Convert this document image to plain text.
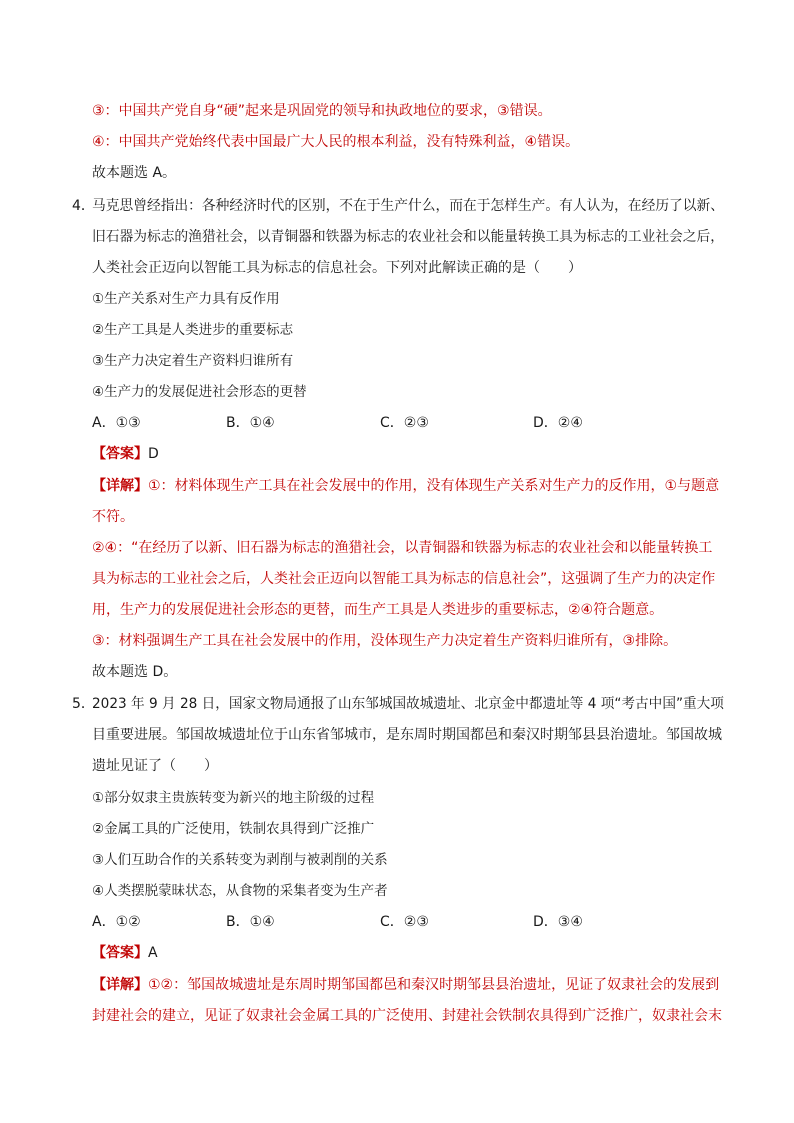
③：中国共产党自身“硬”起来是巩固党的领导和执政地位的要求，③错误。
④：中国共产党始终代表中国最广大人民的根本利益，没有特殊利益，④错误。
故本题选 A。
4．
马克思曾经指出：各种经济时代的区别，不在于生产什么，而在于怎样生产。有人认为，在经历了以新、
旧石器为标志的渔猎社会，以青铜器和铁器为标志的农业社会和以能量转换工具为标志的工业社会之后，
人类社会正迈向以智能工具为标志的信息社会。下列对此解读正确的是（　　）
①生产关系对生产力具有反作用
②生产工具是人类进步的重要标志
③生产力决定着生产资料归谁所有
④生产力的发展促进社会形态的更替
A．①③	B．①④	C．②③	D．②④
【答案】D
【详解】①：材料体现生产工具在社会发展中的作用，没有体现生产关系对生产力的反作用，①与题意
不符。
②④：“在经历了以新、旧石器为标志的渔猎社会，以青铜器和铁器为标志的农业社会和以能量转换工
具为标志的工业社会之后，人类社会正迈向以智能工具为标志的信息社会”，这强调了生产力的决定作
用，生产力的发展促进社会形态的更替，而生产工具是人类进步的重要标志，②④符合题意。
③：材料强调生产工具在社会发展中的作用，没体现生产力决定着生产资料归谁所有，③排除。
故本题选 D。
5．
2023 年 9 月 28 日，国家文物局通报了山东邹城国故城遗址、北京金中都遗址等 4 项“考古中国”重大项
目重要进展。邹国故城遗址位于山东省邹城市，是东周时期国都邑和秦汉时期邹县县治遗址。邹国故城
遗址见证了（　　）
①部分奴隶主贵族转变为新兴的地主阶级的过程
②金属工具的广泛使用，铁制农具得到广泛推广
③人们互助合作的关系转变为剥削与被剥削的关系
④人类摆脱蒙昧状态，从食物的采集者变为生产者
A．①②	B．①④	C．②③	D．③④
【答案】A
【详解】①②：邹国故城遗址是东周时期邹国都邑和秦汉时期邹县县治遗址，见证了奴隶社会的发展到
封建社会的建立，见证了奴隶社会金属工具的广泛使用、封建社会铁制农具得到广泛推广，奴隶社会末
